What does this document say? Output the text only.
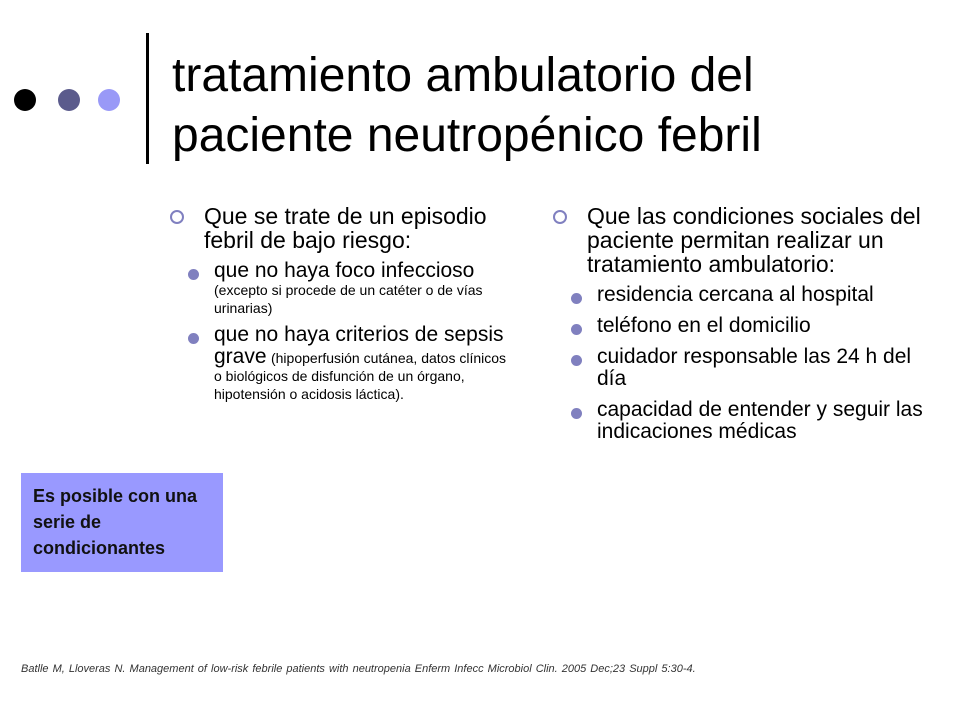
tratamiento ambulatorio del
paciente neutropénico febril
Que se trate de un episodio febril de bajo riesgo:
que no haya foco infeccioso (excepto si procede de un catéter o de vías urinarias)
que no haya criterios de sepsis grave (hipoperfusión cutánea, datos clínicos o biológicos de disfunción de un órgano, hipotensión o acidosis láctica).
Que las condiciones sociales del paciente permitan realizar un tratamiento ambulatorio:
residencia cercana al hospital
teléfono en el domicilio
cuidador responsable las 24 h del día
capacidad de entender y seguir las indicaciones médicas
Es posible con una serie de condicionantes
Batlle M, Lloveras N. Management of low-risk febrile patients with neutropenia Enferm Infecc Microbiol Clin. 2005 Dec;23 Suppl 5:30-4.
